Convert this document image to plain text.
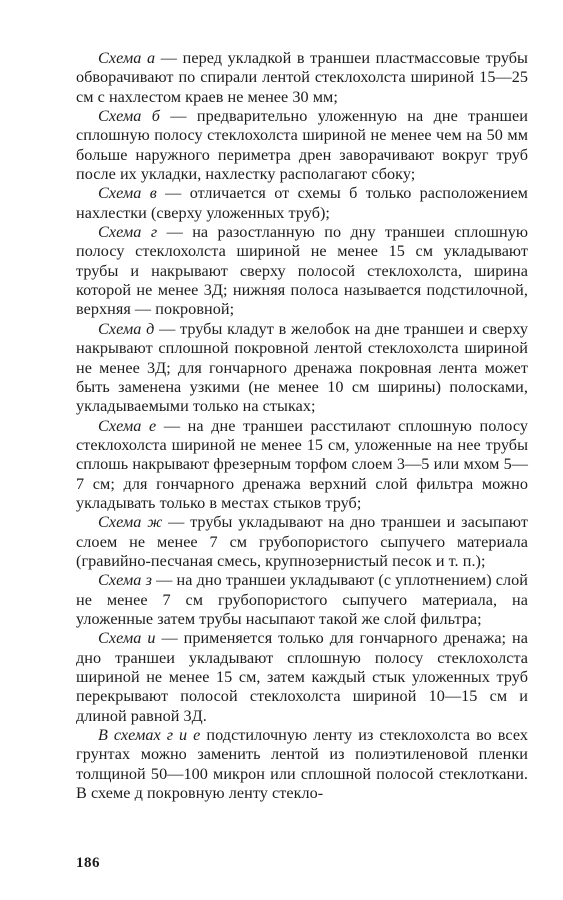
Схема а — перед укладкой в траншеи пластмассовые трубы обворачивают по спирали лентой стеклохолста шириной 15—25 см с нахлестом краев не менее 30 мм;

Схема б — предварительно уложенную на дне траншеи сплошную полосу стеклохолста шириной не менее чем на 50 мм больше наружного периметра дрен заворачивают вокруг труб после их укладки, нахлестку располагают сбоку;

Схема в — отличается от схемы б только расположением нахлестки (сверху уложенных труб);

Схема г — на разостланную по дну траншеи сплошную полосу стеклохолста шириной не менее 15 см укладывают трубы и накрывают сверху полосой стеклохолста, ширина которой не менее 3Д; нижняя полоса называется подстилочной, верхняя — покровной;

Схема д — трубы кладут в желобок на дне траншеи и сверху накрывают сплошной покровной лентой стеклохолста шириной не менее 3Д; для гончарного дренажа покровная лента может быть заменена узкими (не менее 10 см ширины) полосками, укладываемыми только на стыках;

Схема е — на дне траншеи расстилают сплошную полосу стеклохолста шириной не менее 15 см, уложенные на нее трубы сплошь накрывают фрезерным торфом слоем 3—5 или мхом 5—7 см; для гончарного дренажа верхний слой фильтра можно укладывать только в местах стыков труб;

Схема ж — трубы укладывают на дно траншеи и засыпают слоем не менее 7 см грубопористого сыпучего материала (гравийно-песчаная смесь, крупнозернистый песок и т. п.);

Схема з — на дно траншеи укладывают (с уплотнением) слой не менее 7 см грубопористого сыпучего материала, на уложенные затем трубы насыпают такой же слой фильтра;

Схема и — применяется только для гончарного дренажа; на дно траншеи укладывают сплошную полосу стеклохолста шириной не менее 15 см, затем каждый стык уложенных труб перекрывают полосой стеклохолста шириной 10—15 см и длиной равной 3Д.

В схемах г и е подстилочную ленту из стеклохолста во всех грунтах можно заменить лентой из полиэтиленовой пленки толщиной 50—100 микрон или сплошной полосой стеклоткани. В схеме д покровную ленту стекло-

186
